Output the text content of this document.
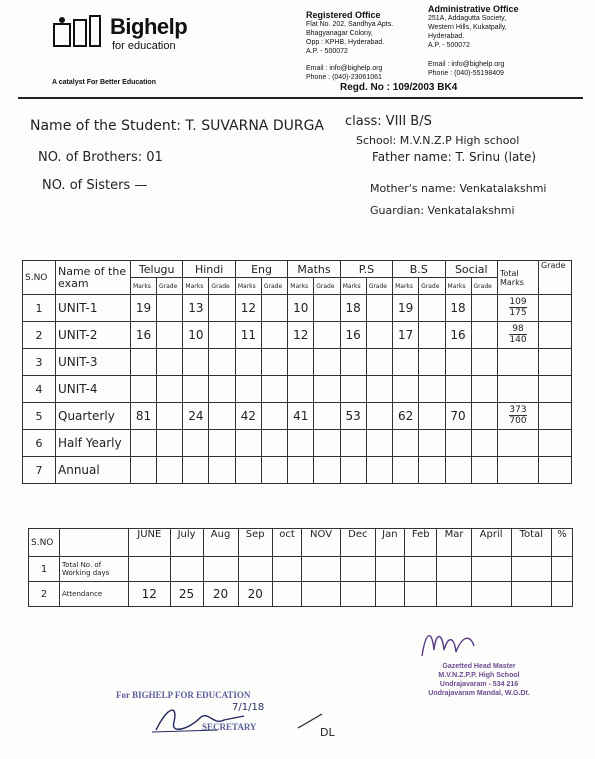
Bighelp
for education
A catalyst For Better Education
Registered Office
Flat No. 202, Sandhya Apts.
Bhagyanagar Colony,
Opp : KPHB, Hyderabad.
A.P. - 500072
Email : info@bighelp.org
Phone : (040)-23061061
Administrative Office
251A, Addagutta Society,
Western Hills, Kukatpally,
Hyderabad.
A.P. - 500072
Email : info@bighelp.org
Phone : (040)-55198409
Regd. No : 109/2003 BK4
Name of the Student: T. SUVARNA DURGA class: VIII B/S
School: M.V.N.Z.P High school
NO. of Brothers: 01	Father name: T. Srinu (late)
NO. of Sisters —	Mother's name: Venkatalakshmi
Guardian: Venkatalakshmi
S.NO	Name of the exam	Telugu		Hindi		Eng		Maths		P.S		B.S		Social		Total Marks	Grade
		Marks	Grade	Marks	Grade	Marks	Grade	Marks	Grade	Marks	Grade	Marks	Grade	Marks	Grade		
1	UNIT-1	19		13		12		10		18		19		18		$\frac{109}{175}$

2	UNIT-2	16		10		11		12		16		17		16		$\frac{98}{140}$

3	UNIT-3																
4	UNIT-4																
5	Quarterly	81		24		42		41		53		62		70		$\frac{373}{700}$

6	Half Yearly																
7	Annual																
S.NO		JUNE	July	Aug	Sep	oct	NOV	Dec	Jan	Feb	Mar	April	Total	%
1	Total No. of Working days													
2	Attendance	12	25	20	20									
For BIGHELP FOR EDUCATION
SECRETARY
7/1/18
DL
Gazetted Head Master
M.V.N.Z.P.P. High School
Undrajavaram - 534 216
Undrajavaram Mandal, W.G.Dt.
